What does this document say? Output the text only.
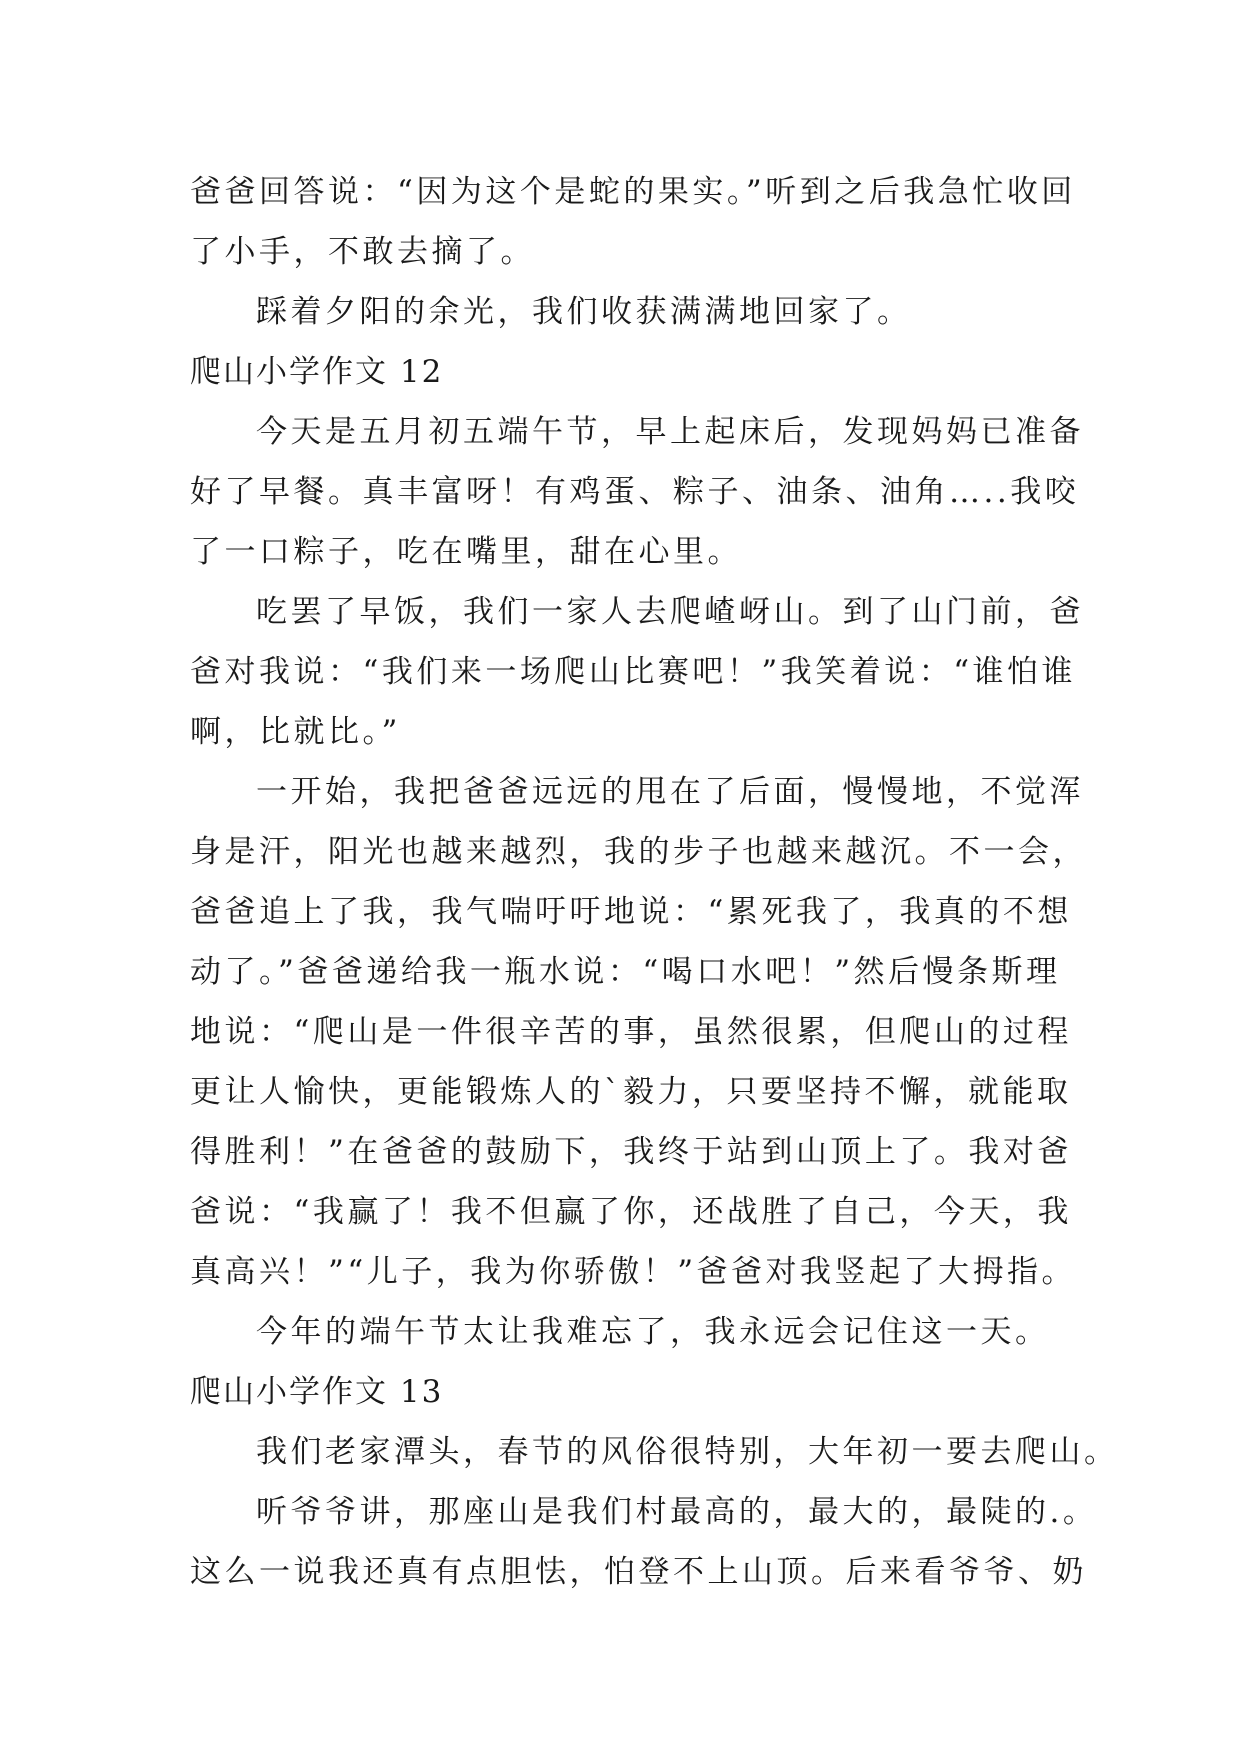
爸爸回答说：“因为这个是蛇的果实。”听到之后我急忙收回
了小手，不敢去摘了。
踩着夕阳的余光，我们收获满满地回家了。
爬山小学作文 12
今天是五月初五端午节，早上起床后，发现妈妈已准备
好了早餐。真丰富呀！有鸡蛋、粽子、油条、油角…..我咬
了一口粽子，吃在嘴里，甜在心里。
吃罢了早饭，我们一家人去爬嵖岈山。到了山门前，爸
爸对我说：“我们来一场爬山比赛吧！”我笑着说：“谁怕谁
啊，比就比。”
一开始，我把爸爸远远的甩在了后面，慢慢地，不觉浑
身是汗，阳光也越来越烈，我的步子也越来越沉。不一会，
爸爸追上了我，我气喘吁吁地说：“累死我了，我真的不想
动了。”爸爸递给我一瓶水说：“喝口水吧！”然后慢条斯理
地说：“爬山是一件很辛苦的事，虽然很累，但爬山的过程
更让人愉快，更能锻炼人的`毅力，只要坚持不懈，就能取
得胜利！”在爸爸的鼓励下，我终于站到山顶上了。我对爸
爸说：“我赢了！我不但赢了你，还战胜了自己，今天，我
真高兴！”“儿子，我为你骄傲！”爸爸对我竖起了大拇指。
今年的端午节太让我难忘了，我永远会记住这一天。
爬山小学作文 13
我们老家潭头，春节的风俗很特别，大年初一要去爬山。
听爷爷讲，那座山是我们村最高的，最大的，最陡的.。
这么一说我还真有点胆怯，怕登不上山顶。后来看爷爷、奶
